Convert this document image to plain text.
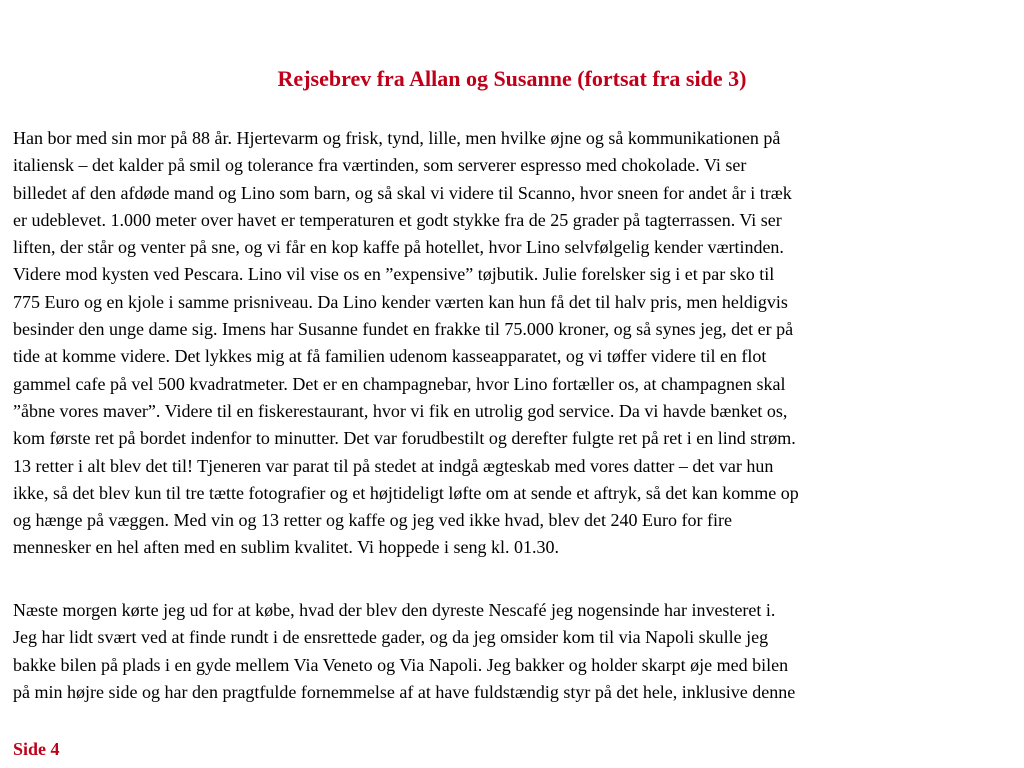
Rejsebrev fra Allan og Susanne (fortsat fra side 3)

Han bor med sin mor på 88 år. Hjertevarm og frisk, tynd, lille, men hvilke øjne og så kommunikationen på
italiensk – det kalder på smil og tolerance fra værtinden, som serverer espresso med chokolade. Vi ser
billedet af den afdøde mand og Lino som barn, og så skal vi videre til Scanno, hvor sneen for andet år i træk
er udeblevet. 1.000 meter over havet er temperaturen et godt stykke fra de 25 grader på tagterrassen. Vi ser
liften, der står og venter på sne, og vi får en kop kaffe på hotellet, hvor Lino selvfølgelig kender værtinden.
Videre mod kysten ved Pescara. Lino vil vise os en ”expensive” tøjbutik. Julie forelsker sig i et par sko til
775 Euro og en kjole i samme prisniveau. Da Lino kender værten kan hun få det til halv pris, men heldigvis
besinder den unge dame sig. Imens har Susanne fundet en frakke til 75.000 kroner, og så synes jeg, det er på
tide at komme videre. Det lykkes mig at få familien udenom kasseapparatet, og vi tøffer videre til en flot
gammel cafe på vel 500 kvadratmeter. Det er en champagnebar, hvor Lino fortæller os, at champagnen skal
”åbne vores maver”. Videre til en fiskerestaurant, hvor vi fik en utrolig god service. Da vi havde bænket os,
kom første ret på bordet indenfor to minutter. Det var forudbestilt og derefter fulgte ret på ret i en lind strøm.
13 retter i alt blev det til! Tjeneren var parat til på stedet at indgå ægteskab med vores datter – det var hun
ikke, så det blev kun til tre tætte fotografier og et højtideligt løfte om at sende et aftryk, så det kan komme op
og hænge på væggen. Med vin og 13 retter og kaffe og jeg ved ikke hvad, blev det 240 Euro for fire
mennesker en hel aften med en sublim kvalitet. Vi hoppede i seng kl. 01.30.

Næste morgen kørte jeg ud for at købe, hvad der blev den dyreste Nescafé jeg nogensinde har investeret i.
Jeg har lidt svært ved at finde rundt i de ensrettede gader, og da jeg omsider kom til via Napoli skulle jeg
bakke bilen på plads i en gyde mellem Via Veneto og Via Napoli. Jeg bakker og holder skarpt øje med bilen
på min højre side og har den pragtfulde fornemmelse af at have fuldstændig styr på det hele, inklusive denne

Side 4
